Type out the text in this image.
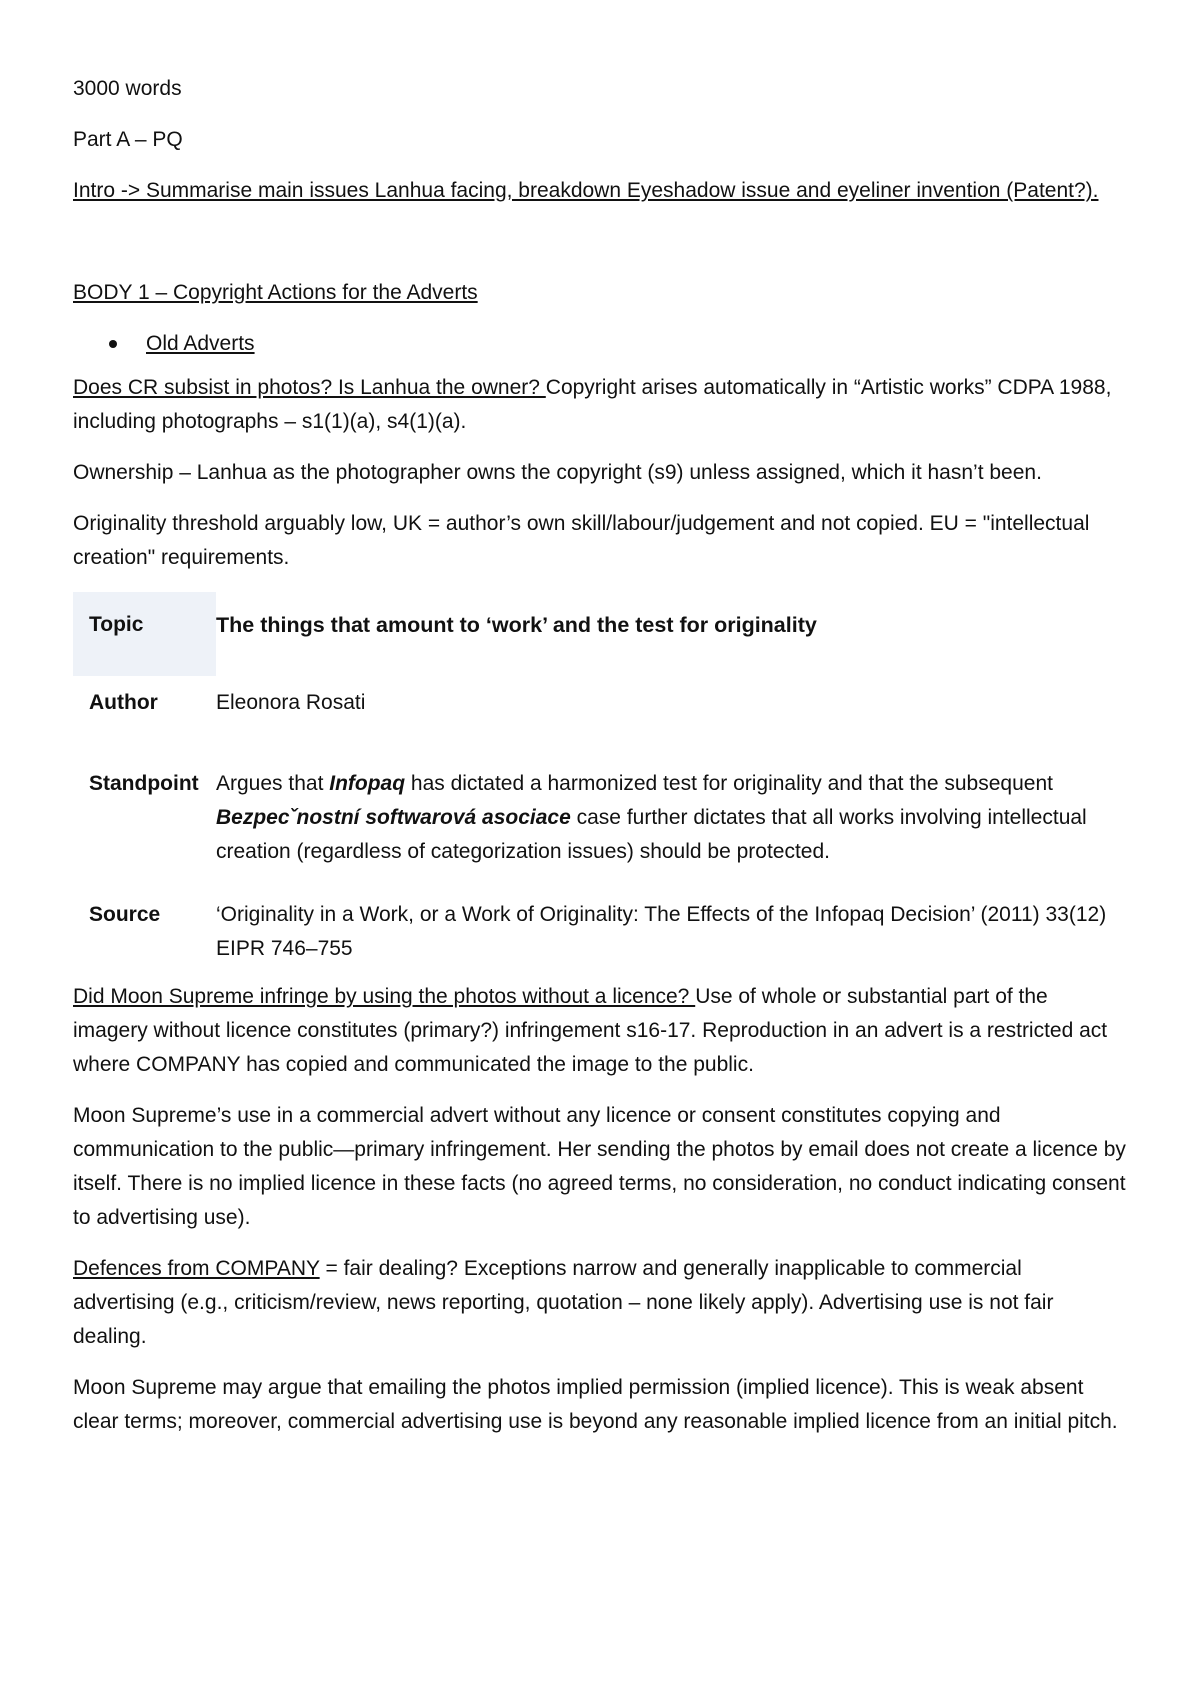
3000 words

Part A – PQ

Intro -> Summarise main issues Lanhua facing, breakdown Eyeshadow issue and eyeliner invention (Patent?).

BODY 1 – Copyright Actions for the Adverts

Old Adverts

Does CR subsist in photos? Is Lanhua the owner? Copyright arises automatically in “Artistic works” CDPA 1988, including photographs – s1(1)(a), s4(1)(a).

Ownership – Lanhua as the photographer owns the copyright (s9) unless assigned, which it hasn’t been.

Originality threshold arguably low, UK = author’s own skill/labour/judgement and not copied. EU = "intellectual creation" requirements.

Topic	The things that amount to ‘work’ and the test for originality
Author	Eleonora Rosati
Standpoint	Argues that Infopaq has dictated a harmonized test for originality and that the subsequent Bezpecˇnostní softwarová asociace case further dictates that all works involving intellectual creation (regardless of categorization issues) should be protected.
Source	‘Originality in a Work, or a Work of Originality: The Effects of the Infopaq Decision’ (2011) 33(12) EIPR 746–755

Did Moon Supreme infringe by using the photos without a licence? Use of whole or substantial part of the imagery without licence constitutes (primary?) infringement s16-17. Reproduction in an advert is a restricted act where COMPANY has copied and communicated the image to the public.

Moon Supreme’s use in a commercial advert without any licence or consent constitutes copying and communication to the public—primary infringement. Her sending the photos by email does not create a licence by itself. There is no implied licence in these facts (no agreed terms, no consideration, no conduct indicating consent to advertising use).

Defences from COMPANY = fair dealing? Exceptions narrow and generally inapplicable to commercial advertising (e.g., criticism/review, news reporting, quotation – none likely apply). Advertising use is not fair dealing.

Moon Supreme may argue that emailing the photos implied permission (implied licence). This is weak absent clear terms; moreover, commercial advertising use is beyond any reasonable implied licence from an initial pitch.
